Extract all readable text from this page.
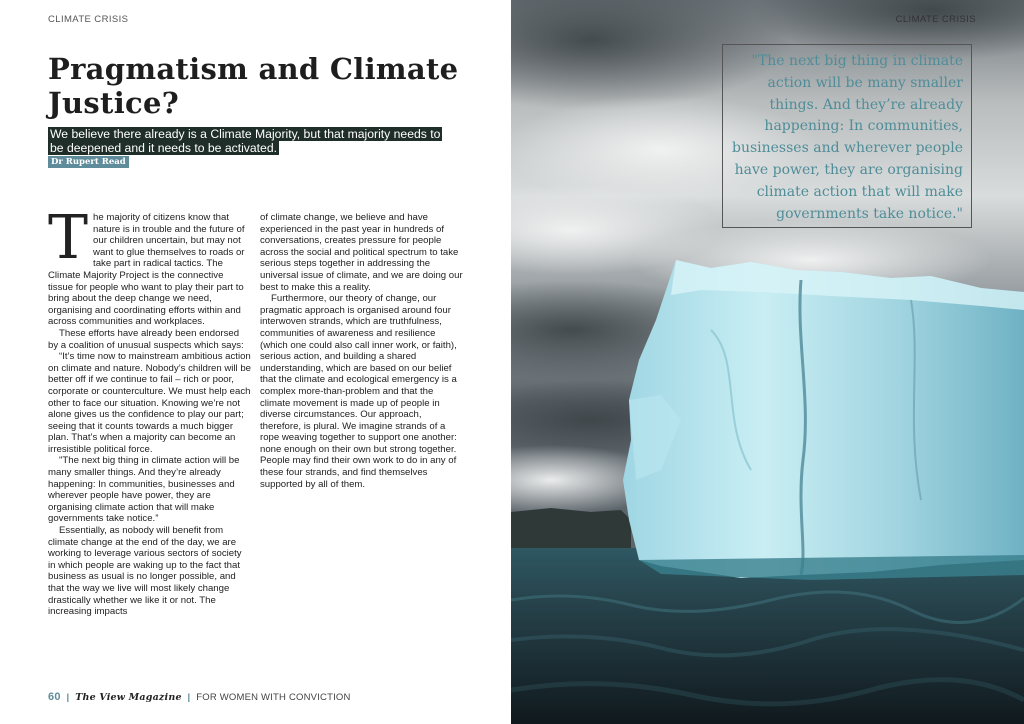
CLIMATE CRISIS
Pragmatism and Climate Justice?

We believe there already is a Climate Majority, but that majority needs to be deepened and it needs to be activated.

Dr Rupert Read

The majority of citizens know that nature is in trouble and the future of our children uncertain, but may not want to glue themselves to roads or take part in radical tactics. The Climate Majority Project is the connective tissue for people who want to play their part to bring about the deep change we need, organising and coordinating efforts within and across communities and workplaces.

These efforts have already been endorsed by a coalition of unusual suspects which says:

“It’s time now to mainstream ambitious action on climate and nature. Nobody’s children will be better off if we continue to fail – rich or poor, corporate or counterculture. We must help each other to face our situation. Knowing we’re not alone gives us the confidence to play our part; seeing that it counts towards a much bigger plan. That’s when a majority can become an irresistible political force.

"The next big thing in climate action will be many smaller things. And they’re already happening: In communities, businesses and wherever people have power, they are organising climate action that will make governments take notice.”

Essentially, as nobody will benefit from climate change at the end of the day, we are working to leverage various sectors of society in which people are waking up to the fact that business as usual is no longer possible, and that the way we live will most likely change drastically whether we like it or not. The increasing impacts

of climate change, we believe and have experienced in the past year in hundreds of conversations, creates pressure for people across the social and political spectrum to take serious steps together in addressing the universal issue of climate, and we are doing our best to make this a reality.

Furthermore, our theory of change, our pragmatic approach is organised around four interwoven strands, which are truthfulness, communities of awareness and resilience (which one could also call inner work, or faith), serious action, and building a shared understanding, which are based on our belief that the climate and ecological emergency is a complex more-than-problem and that the climate movement is made up of people in diverse circumstances. Our approach, therefore, is plural. We imagine strands of a rope weaving together to support one another: none enough on their own but strong together. People may find their own work to do in any of these four strands, and find themselves supported by all of them.

60 | The View Magazine | FOR WOMEN WITH CONVICTION
CLIMATE CRISIS
"The next big thing in climate action will be many smaller things. And they’re already happening: In communities, businesses and wherever people have power, they are organising climate action that will make governments take notice."
